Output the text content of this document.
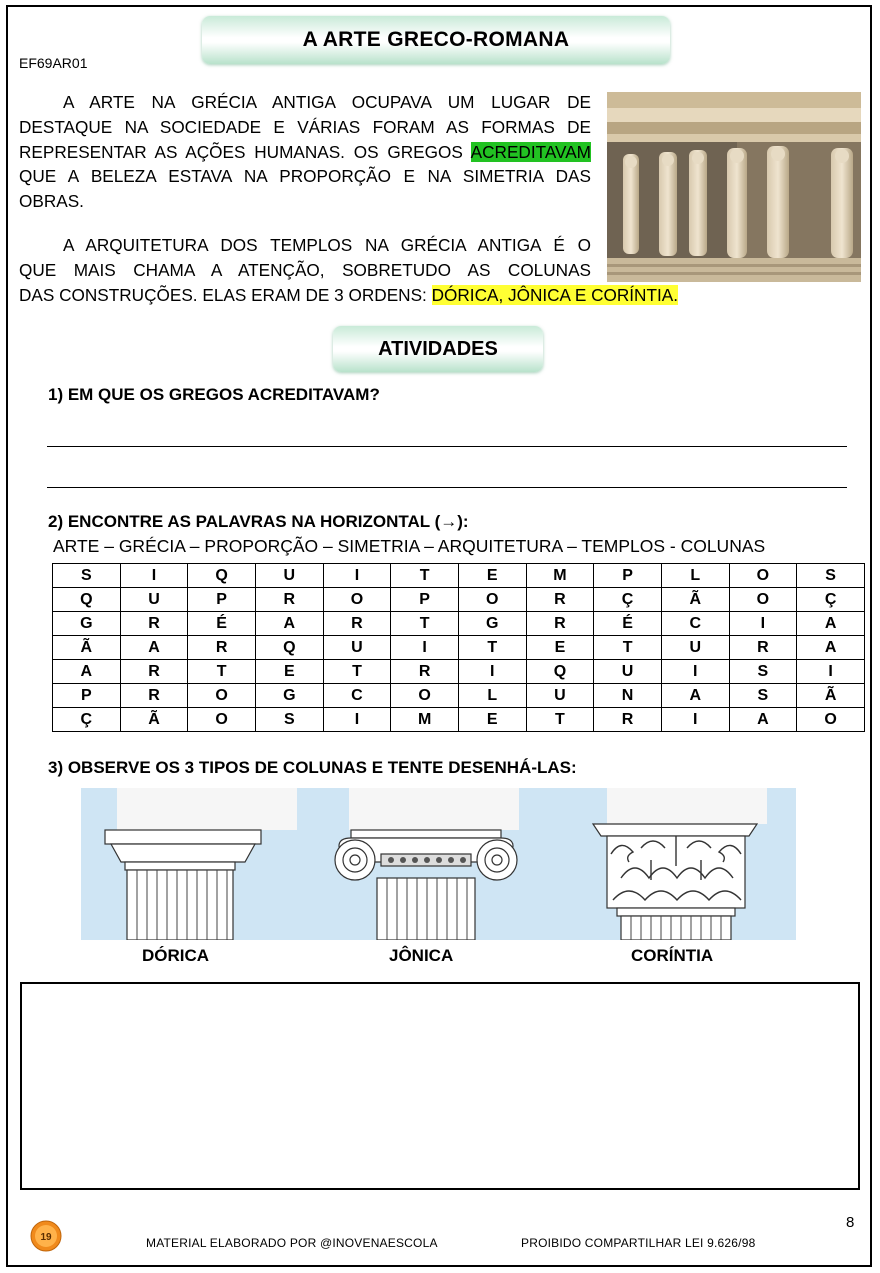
A ARTE GRECO-ROMANA
EF69AR01
A ARTE NA GRÉCIA ANTIGA OCUPAVA UM LUGAR DE DESTAQUE NA SOCIEDADE E VÁRIAS FORAM AS FORMAS DE REPRESENTAR AS AÇÕES HUMANAS. OS GREGOS ACREDITAVAM QUE A BELEZA ESTAVA NA PROPORÇÃO E NA SIMETRIA DAS OBRAS.
A ARQUITETURA DOS TEMPLOS NA GRÉCIA ANTIGA É O
QUE MAIS CHAMA A ATENÇÃO, SOBRETUDO AS COLUNAS
DAS CONSTRUÇÕES. ELAS ERAM DE 3 ORDENS: DÓRICA, JÔNICA E CORÍNTIA.
ATIVIDADES
1) EM QUE OS GREGOS ACREDITAVAM?
2) ENCONTRE AS PALAVRAS NA HORIZONTAL (→):
ARTE – GRÉCIA – PROPORÇÃO – SIMETRIA – ARQUITETURA – TEMPLOS - COLUNAS
S	I	Q	U	I	T	E	M	P	L	O	S
Q	U	P	R	O	P	O	R	Ç	Ã	O	Ç
G	R	É	A	R	T	G	R	É	C	I	A
Ã	A	R	Q	U	I	T	E	T	U	R	A
A	R	T	E	T	R	I	Q	U	I	S	I
P	R	O	G	C	O	L	U	N	A	S	Ã
Ç	Ã	O	S	I	M	E	T	R	I	A	O
3) OBSERVE OS 3 TIPOS DE COLUNAS E TENTE DESENHÁ-LAS:
DÓRICA	JÔNICA	CORÍNTIA
8
19	MATERIAL ELABORADO POR @INOVENAESCOLA	PROIBIDO COMPARTILHAR LEI 9.626/98
